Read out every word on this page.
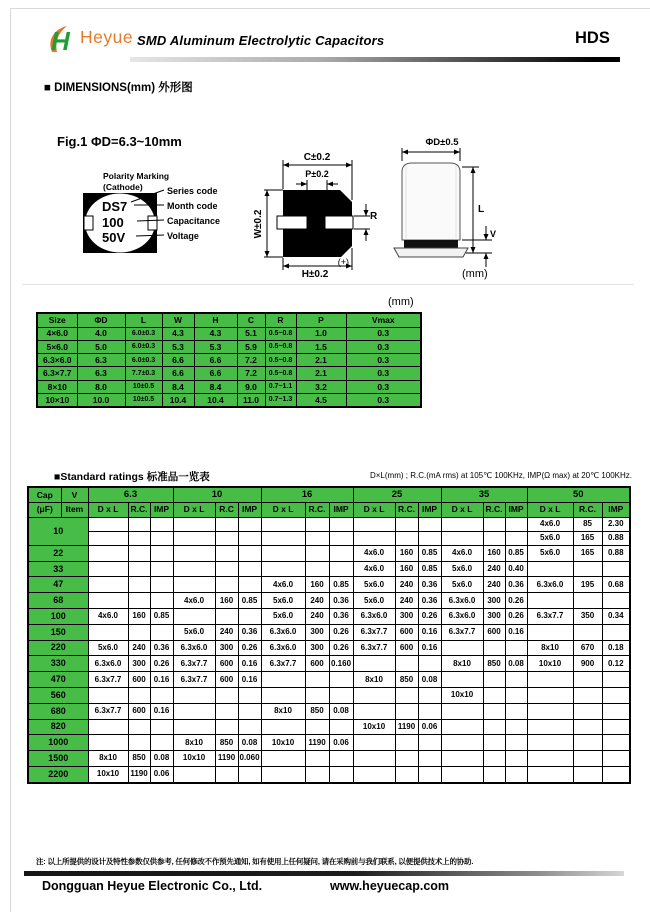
H Heyue SMD Aluminum Electrolytic Capacitors	HDS
■ DIMENSIONS(mm) 外形图
Fig.1 ΦD=6.3~10mm
DS7
100
50V
Polarity Marking
(Cathode)	Series code
Month code
Capacitance
Voltage
C±0.2
P±0.2
W±0.2
H±0.2
R
(+)
ΦD±0.5
L
V
(mm)
(mm)
Size	ΦD	L	W	H	C	R	P	Vmax
4×6.0	4.0	6.0±0.3	4.3	4.3	5.1	0.5~0.8	1.0	0.3
5×6.0	5.0	6.0±0.3	5.3	5.3	5.9	0.5~0.8	1.5	0.3
6.3×6.0	6.3	6.0±0.3	6.6	6.6	7.2	0.5~0.8	2.1	0.3
6.3×7.7	6.3	7.7±0.3	6.6	6.6	7.2	0.5~0.8	2.1	0.3
8×10	8.0	10±0.5	8.4	8.4	9.0	0.7~1.1	3.2	0.3
10×10	10.0	10±0.5	10.4	10.4	11.0	0.7~1.3	4.5	0.3
■Standard ratings 标准品一览表	D×L(mm) ; R.C.(mA rms) at 105℃ 100KHz, IMP(Ω max) at 20℃ 100KHz.
Cap	V	6.3			10			16			25			35			50		
(μF)	Item	D x L	R.C.	IMP	D x L	R.C	IMP	D x L	R.C.	IMP	D x L	R.C.	IMP	D x L	R.C.	IMP	D x L	R.C.	IMP
10																	4x6.0	85	2.30
																	5x6.0	165	0.88
22											4x6.0	160	0.85	4x6.0	160	0.85	5x6.0	165	0.88
33											4x6.0	160	0.85	5x6.0	240	0.40			
47								4x6.0	160	0.85	5x6.0	240	0.36	5x6.0	240	0.36	6.3x6.0	195	0.68
68					4x6.0	160	0.85	5x6.0	240	0.36	5x6.0	240	0.36	6.3x6.0	300	0.26			
100		4x6.0	160	0.85				5x6.0	240	0.36	6.3x6.0	300	0.26	6.3x6.0	300	0.26	6.3x7.7	350	0.34
150					5x6.0	240	0.36	6.3x6.0	300	0.26	6.3x7.7	600	0.16	6.3x7.7	600	0.16			
220		5x6.0	240	0.36	6.3x6.0	300	0.26	6.3x6.0	300	0.26	6.3x7.7	600	0.16				8x10	670	0.18
330		6.3x6.0	300	0.26	6.3x7.7	600	0.16	6.3x7.7	600	0.160				8x10	850	0.08	10x10	900	0.12
470		6.3x7.7	600	0.16	6.3x7.7	600	0.16				8x10	850	0.08						
560														10x10					
680		6.3x7.7	600	0.16				8x10	850	0.08									
820											10x10	1190	0.06						
1000					8x10	850	0.08	10x10	1190	0.06									
1500		8x10	850	0.08	10x10	1190	0.060												
2200		10x10	1190	0.06															
注: 以上所提供的设计及特性参数仅供参考, 任何修改不作预先通知, 如有使用上任何疑问, 请在采购前与我们联系, 以便提供技术上的协助.
Dongguan Heyue Electronic Co., Ltd.	www.heyuecap.com
